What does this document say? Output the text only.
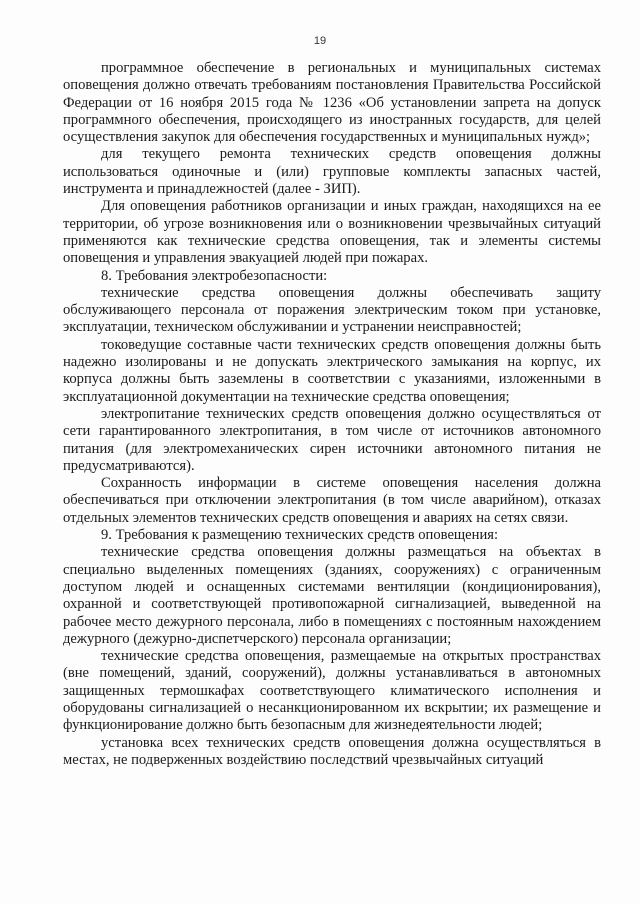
19

программное обеспечение в региональных и муниципальных системах оповещения должно отвечать требованиям постановления Правительства Российской Федерации от 16 ноября 2015 года № 1236 «Об установлении запрета на допуск программного обеспечения, происходящего из иностранных государств, для целей осуществления закупок для обеспечения государственных и муниципальных нужд»;

для текущего ремонта технических средств оповещения должны использоваться одиночные и (или) групповые комплекты запасных частей, инструмента и принадлежностей (далее - ЗИП).

Для оповещения работников организации и иных граждан, находящихся на ее территории, об угрозе возникновения или о возникновении чрезвычайных ситуаций применяются как технические средства оповещения, так и элементы системы оповещения и управления эвакуацией людей при пожарах.

8. Требования электробезопасности:

технические средства оповещения должны обеспечивать защиту обслуживающего персонала от поражения электрическим током при установке, эксплуатации, техническом обслуживании и устранении неисправностей;

токоведущие составные части технических средств оповещения должны быть надежно изолированы и не допускать электрического замыкания на корпус, их корпуса должны быть заземлены в соответствии с указаниями, изложенными в эксплуатационной документации на технические средства оповещения;

электропитание технических средств оповещения должно осуществляться от сети гарантированного электропитания, в том числе от источников автономного питания (для электромеханических сирен источники автономного питания не предусматриваются).

Сохранность информации в системе оповещения населения должна обеспечиваться при отключении электропитания (в том числе аварийном), отказах отдельных элементов технических средств оповещения и авариях на сетях связи.

9. Требования к размещению технических средств оповещения:

технические средства оповещения должны размещаться на объектах в специально выделенных помещениях (зданиях, сооружениях) с ограниченным доступом людей и оснащенных системами вентиляции (кондиционирования), охранной и соответствующей противопожарной сигнализацией, выведенной на рабочее место дежурного персонала, либо в помещениях с постоянным нахождением дежурного (дежурно-диспетчерского) персонала организации;

технические средства оповещения, размещаемые на открытых пространствах (вне помещений, зданий, сооружений), должны устанавливаться в автономных защищенных термошкафах соответствующего климатического исполнения и оборудованы сигнализацией о несанкционированном их вскрытии; их размещение и функционирование должно быть безопасным для жизнедеятельности людей;

установка всех технических средств оповещения должна осуществляться в местах, не подверженных воздействию последствий чрезвычайных ситуаций
